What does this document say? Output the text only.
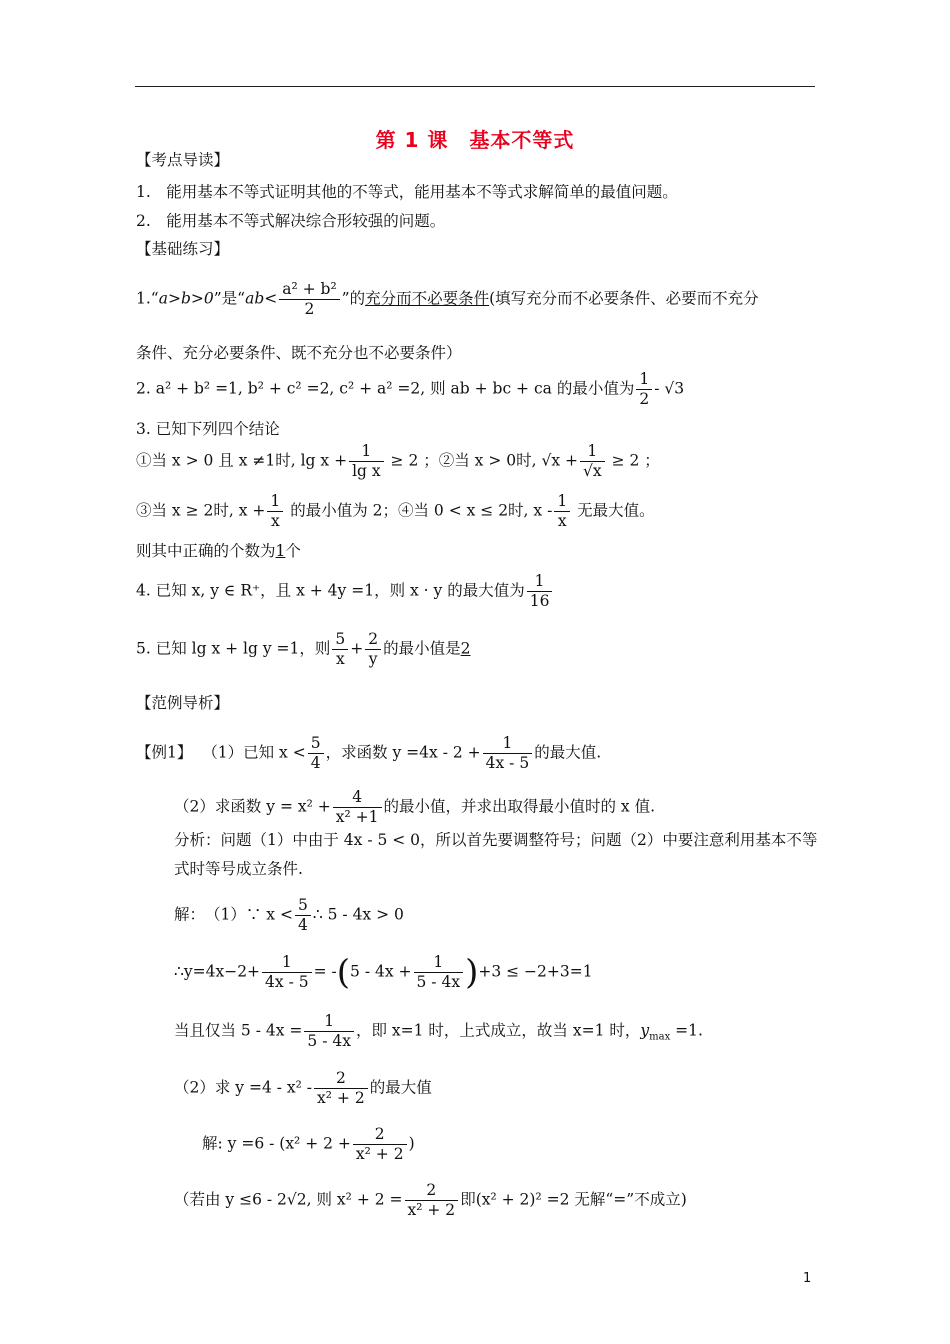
第 1 课　基本不等式
【考点导读】
1.　能用基本不等式证明其他的不等式，能用基本不等式求解简单的最值问题。
2.　能用基本不等式解决综合形较强的问题。
【基础练习】
1.“a>b>0”是“$ab< \frac{\text{a² + b²}}{2}$ ”的充分而不必要条件(填写充分而不必要条件、必要而不充分
条件、充分必要条件、既不充分也不必要条件）
2. a² + b² =1, b² + c² =2, c² + a² =2, 则 ab + bc + ca 的最小值为 $\frac{1}{2} - √3$
3. 已知下列四个结论
①当 x > 0 且 x ≠1时, $\lg x + \frac{1}{\text{lg x}} \ge 2$ ；②当 x > 0时, $√x + \frac{1}{√x} \ge 2$ ；
③当 x ≥ 2时, $x + \frac{1}{x}$ 的最小值为 2；④当 0 < x ≤ 2时, x - $\frac{1}{x}$ 无最大值。
则其中正确的个数为1个
4. 已知 x, y ∈ R⁺，且 x + 4y =1，则 x · y 的最大值为 $\frac{1}{16}$
5. 已知 lg x + lg y =1，则 $\frac{5}{x} + \frac{2}{y}$ 的最小值是2
【范例导析】
【例1】 （1）已知 $x < \frac{5}{4}$ ，求函数 $y =4x - 2 + \frac{1}{4x - 5}$ 的最大值.
（2）求函数 $y = x^2 + \frac{4}{\text{x² +1}}$ 的最小值，并求出取得最小值时的 x 值.
分析：问题（1）中由于 4x - 5 < 0，所以首先要调整符号；问题（2）中要注意利用基本不等
式时等号成立条件.
解：　（1）∵ $x < \frac{5}{4}$ ∴ 5 - 4x > 0
∴y=4x−2+ $\frac{1}{4x - 5} = -(5 - 4x + \frac{1}{5 - 4x} )+3 \le -2+3=1$
当且仅当 $5 - 4x = \frac{1}{5 - 4x}$ ，即 x=1 时，上式成立，故当 x=1 时，$y_{max} =1$.
（2）求 $y =4 - x^2 - \frac{2}{\text{x² + 2}}$ 的最大值
解: $y =6 - (x^2 + 2 + \frac{2}{\text{x² + 2}}$ )
（若由 y ≤6 - 2√2, 则 $x^2 + 2 = \frac{2}{\text{x² + 2}}$ 即(x² + 2)² =2 无解“=”不成立)
1
